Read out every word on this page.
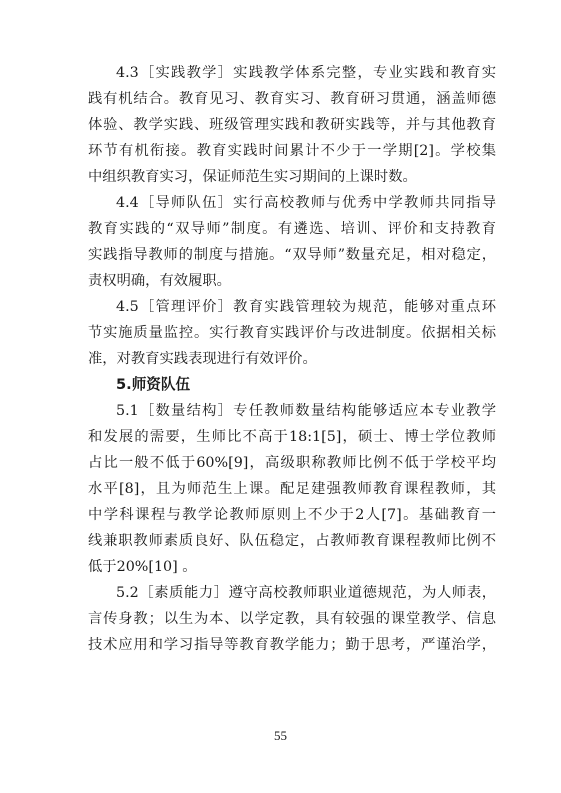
4.3［实践教学］实践教学体系完整，专业实践和教育实
践有机结合。教育见习、教育实习、教育研习贯通，涵盖师德
体验、教学实践、班级管理实践和教研实践等，并与其他教育
环节有机衔接。教育实践时间累计不少于一学期[2]。学校集
中组织教育实习，保证师范生实习期间的上课时数。
4.4［导师队伍］实行高校教师与优秀中学教师共同指导
教育实践的“双导师”制度。有遴选、培训、评价和支持教育
实践指导教师的制度与措施。“双导师”数量充足，相对稳定，
责权明确，有效履职。
4.5［管理评价］教育实践管理较为规范，能够对重点环
节实施质量监控。实行教育实践评价与改进制度。依据相关标
准，对教育实践表现进行有效评价。
5.师资队伍
5.1［数量结构］专任教师数量结构能够适应本专业教学
和发展的需要，生师比不高于18:1[5]，硕士、博士学位教师
占比一般不低于60%[9]，高级职称教师比例不低于学校平均
水平[8]，且为师范生上课。配足建强教师教育课程教师，其
中学科课程与教学论教师原则上不少于2人[7]。基础教育一
线兼职教师素质良好、队伍稳定，占教师教育课程教师比例不
低于20%[10] 。
5.2［素质能力］遵守高校教师职业道德规范，为人师表，
言传身教；以生为本、以学定教，具有较强的课堂教学、信息
技术应用和学习指导等教育教学能力；勤于思考，严谨治学，
55
